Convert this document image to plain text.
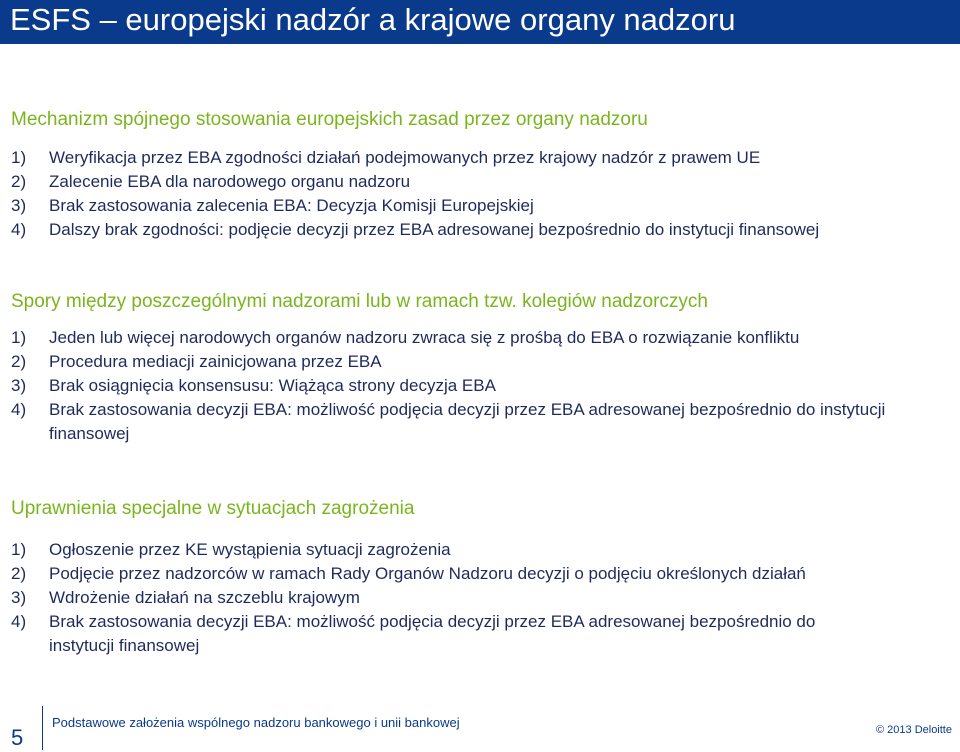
ESFS – europejski nadzór a krajowe organy nadzoru
Mechanizm spójnego stosowania europejskich zasad przez organy nadzoru
1)	Weryfikacja przez EBA zgodności działań podejmowanych przez krajowy nadzór z prawem UE
2)	Zalecenie EBA dla narodowego organu nadzoru
3)	Brak zastosowania zalecenia EBA: Decyzja Komisji Europejskiej
4)	Dalszy brak zgodności: podjęcie decyzji przez EBA adresowanej bezpośrednio do instytucji finansowej
Spory między poszczególnymi nadzorami lub w ramach tzw. kolegiów nadzorczych
1)	Jeden lub więcej narodowych organów nadzoru zwraca się z prośbą do EBA o rozwiązanie konfliktu
2)	Procedura mediacji zainicjowana przez EBA
3)	Brak osiągnięcia konsensusu: Wiążąca strony decyzja EBA
4)	Brak zastosowania decyzji EBA: możliwość podjęcia decyzji przez EBA adresowanej bezpośrednio do instytucji finansowej
Uprawnienia specjalne w sytuacjach zagrożenia
1)	Ogłoszenie przez KE wystąpienia sytuacji zagrożenia
2)	Podjęcie przez nadzorców w ramach Rady Organów Nadzoru decyzji o podjęciu określonych działań
3)	Wdrożenie działań na szczeblu krajowym
4)	Brak zastosowania decyzji EBA: możliwość podjęcia decyzji przez EBA adresowanej bezpośrednio do instytucji finansowej
5
Podstawowe założenia wspólnego nadzoru bankowego i unii bankowej	© 2013 Deloitte
